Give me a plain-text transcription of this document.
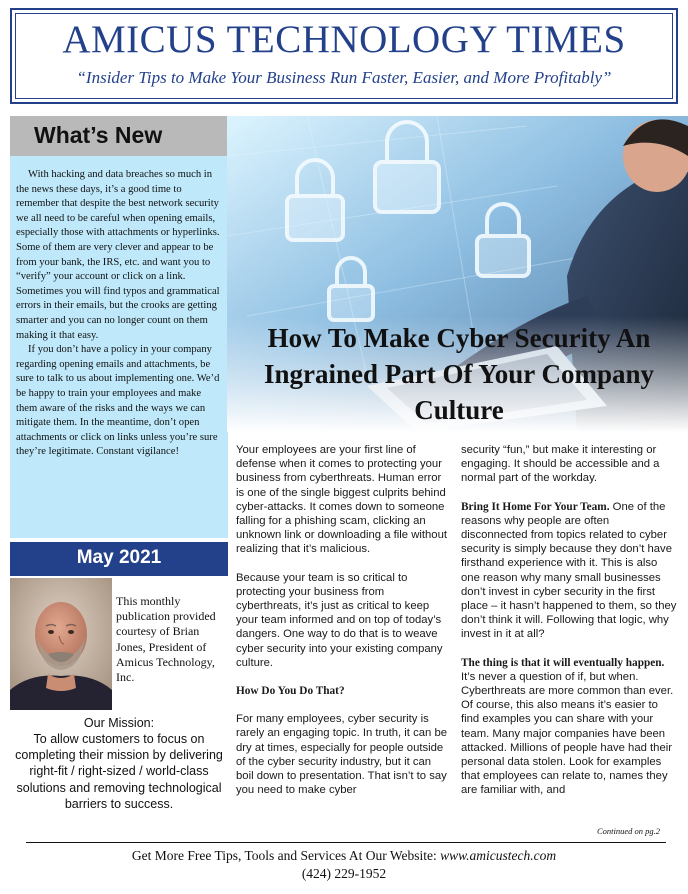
AMICUS TECHNOLOGY TIMES
“Insider Tips to Make Your Business Run Faster, Easier, and More Profitably”
What’s New

With hacking and data breaches so much in the news these days, it’s a good time to remember that despite the best network security we all need to be careful when opening emails, especially those with attachments or hyperlinks. Some of them are very clever and appear to be from your bank, the IRS, etc. and want you to “verify” your account or click on a link. Sometimes you will find typos and grammatical errors in their emails, but the crooks are getting smarter and you can no longer count on them making it that easy.

If you don’t have a policy in your company regarding opening emails and attachments, be sure to talk to us about implementing one. We’d be happy to train your employees and make them aware of the risks and the ways we can mitigate them. In the meantime, don’t open attachments or click on links unless you’re sure they’re legitimate. Constant vigilance!

May 2021
This monthly publication provided courtesy of Brian Jones, President of Amicus Technology, Inc.
Our Mission:
To allow customers to focus on completing their mission by delivering right-fit / right-sized / world-class solutions and removing technological barriers to success.
How To Make Cyber Security An Ingrained Part Of Your Company Culture

Your employees are your first line of defense when it comes to protecting your business from cyberthreats. Human error is one of the single biggest culprits behind cyber-attacks. It comes down to someone falling for a phishing scam, clicking an unknown link or downloading a file without realizing that it’s malicious.

Because your team is so critical to protecting your business from cyberthreats, it’s just as critical to keep your team informed and on top of today’s dangers. One way to do that is to weave cyber security into your existing company culture.

How Do You Do That?

For many employees, cyber security is rarely an engaging topic. In truth, it can be dry at times, especially for people outside of the cyber security industry, but it can boil down to presentation. That isn’t to say you need to make cyber

security “fun,” but make it interesting or engaging. It should be accessible and a normal part of the workday.

Bring It Home For Your Team. One of the reasons why people are often disconnected from topics related to cyber security is simply because they don’t have firsthand experience with it. This is also one reason why many small businesses don’t invest in cyber security in the first place – it hasn’t happened to them, so they don’t think it will. Following that logic, why invest in it at all?

The thing is that it will eventually happen. It’s never a question of if, but when. Cyberthreats are more common than ever. Of course, this also means it’s easier to find examples you can share with your team. Many major companies have been attacked. Millions of people have had their personal data stolen. Look for examples that employees can relate to, names they are familiar with, and

Continued on pg.2
Get More Free Tips, Tools and Services At Our Website: www.amicustech.com
(424) 229-1952
